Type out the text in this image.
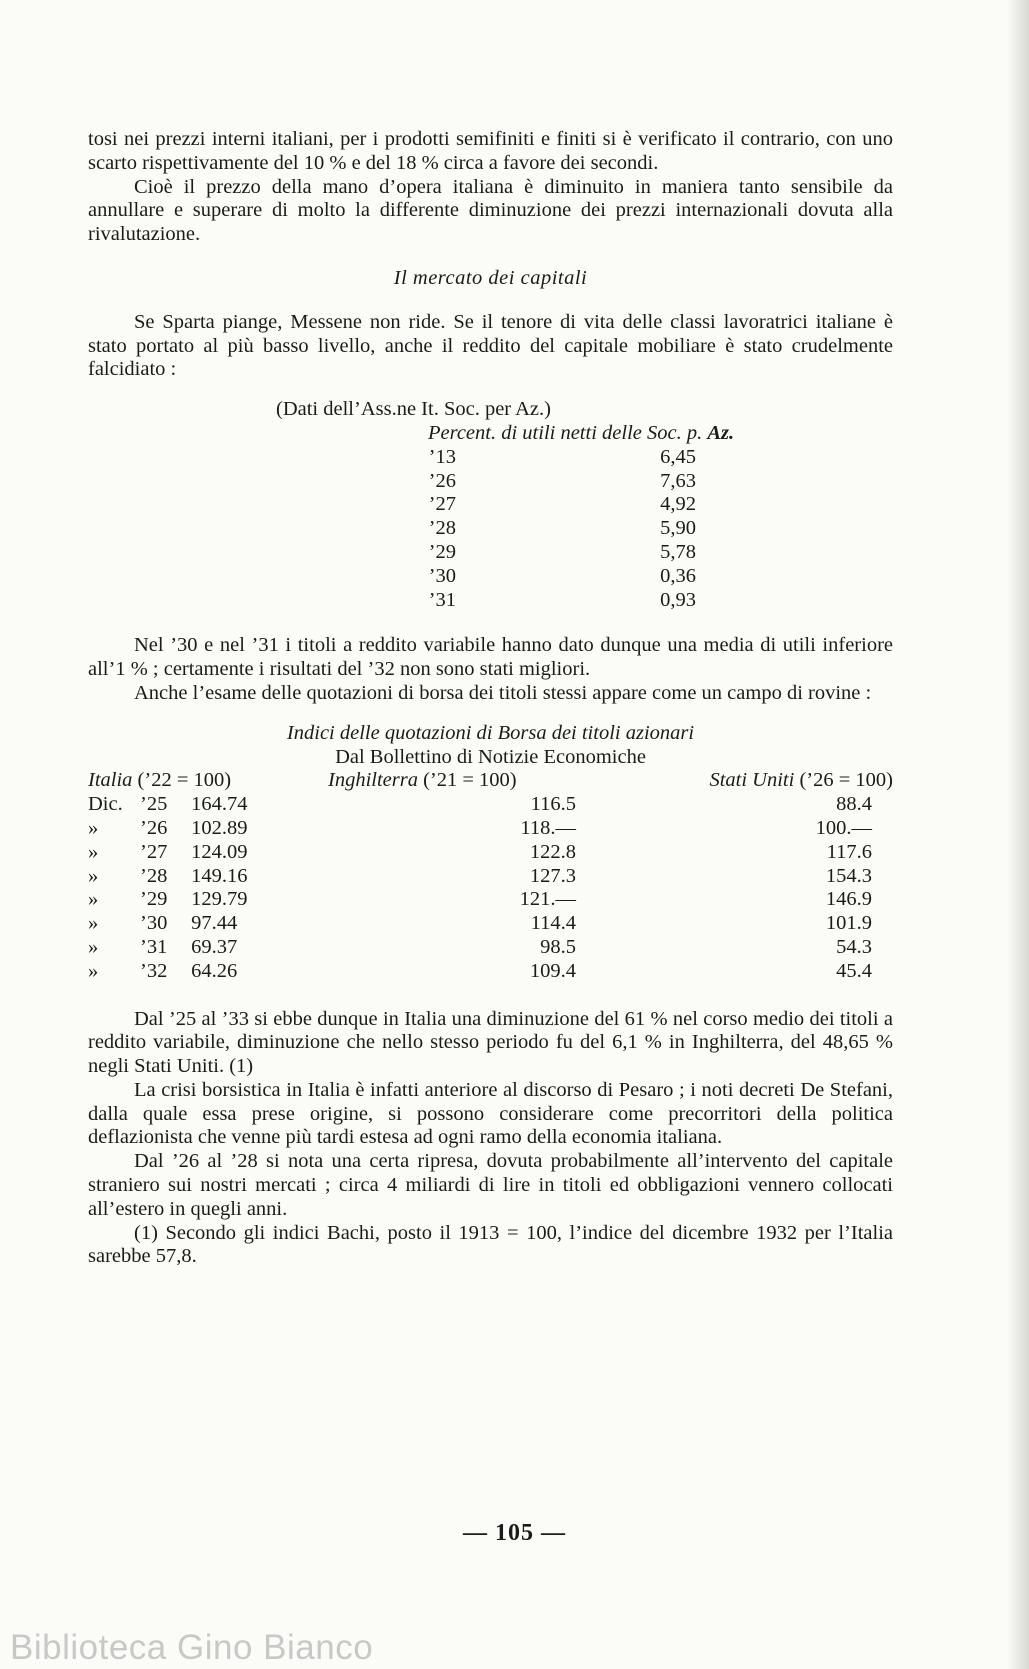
tosi nei prezzi interni italiani, per i prodotti semifiniti e finiti si è verificato il contrario, con uno scarto rispettivamente del 10 % e del 18 % circa a favore dei secondi.

Cioè il prezzo della mano d’opera italiana è diminuito in maniera tanto sensibile da annullare e superare di molto la differente diminuzione dei prezzi internazionali dovuta alla rivalutazione.

Il mercato dei capitali

Se Sparta piange, Messene non ride. Se il tenore di vita delle classi lavoratrici italiane è stato portato al più basso livello, anche il reddito del capitale mobiliare è stato crudelmente falcidiato :

(Dati dell’Ass.ne It. Soc. per Az.)
Percent. di utili netti delle Soc. p. Az.
’13	6,45
’26	7,63
’27	4,92
’28	5,90
’29	5,78
’30	0,36
’31	0,93

Nel ’30 e nel ’31 i titoli a reddito variabile hanno dato dunque una media di utili inferiore all’1 % ; certamente i risultati del ’32 non sono stati migliori.

Anche l’esame delle quotazioni di borsa dei titoli stessi appare come un campo di rovine :

Indici delle quotazioni di Borsa dei titoli azionari
Dal Bollettino di Notizie Economiche
Italia (’22 = 100)	Inghilterra (’21 = 100)	Stati Uniti (’26 = 100)
Dic. ’25 164.74	116.5	88.4
» ’26 102.89	118.—	100.—
» ’27 124.09	122.8	117.6
» ’28 149.16	127.3	154.3
» ’29 129.79	121.—	146.9
» ’30 97.44	114.4	101.9
» ’31 69.37	98.5	54.3
» ’32 64.26	109.4	45.4

Dal ’25 al ’33 si ebbe dunque in Italia una diminuzione del 61 % nel corso medio dei titoli a reddito variabile, diminuzione che nello stesso periodo fu del 6,1 % in Inghilterra, del 48,65 % negli Stati Uniti. (1)

La crisi borsistica in Italia è infatti anteriore al discorso di Pesaro ; i noti decreti De Stefani, dalla quale essa prese origine, si possono considerare come precorritori della politica deflazionista che venne più tardi estesa ad ogni ramo della economia italiana.

Dal ’26 al ’28 si nota una certa ripresa, dovuta probabilmente all’intervento del capitale straniero sui nostri mercati ; circa 4 miliardi di lire in titoli ed obbligazioni vennero collocati all’estero in quegli anni.

(1) Secondo gli indici Bachi, posto il 1913 = 100, l’indice del dicembre 1932 per l’Italia sarebbe 57,8.

— 105 —
Biblioteca Gino Bianco
